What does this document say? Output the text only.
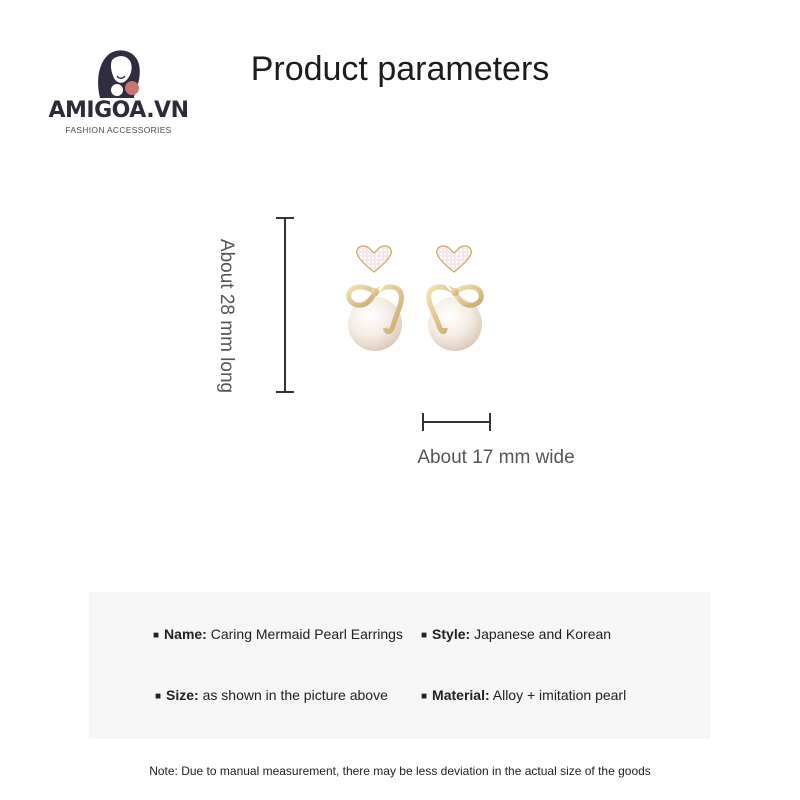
AMIGOA.VN
FASHION ACCESSORIES
Product parameters
About 28 mm long
About 17 mm wide
■ Name: Caring Mermaid Pearl Earrings ■ Style: Japanese and Korean
■ Size: as shown in the picture above	■ Material: Alloy + imitation pearl
Note: Due to manual measurement, there may be less deviation in the actual size of the goods
